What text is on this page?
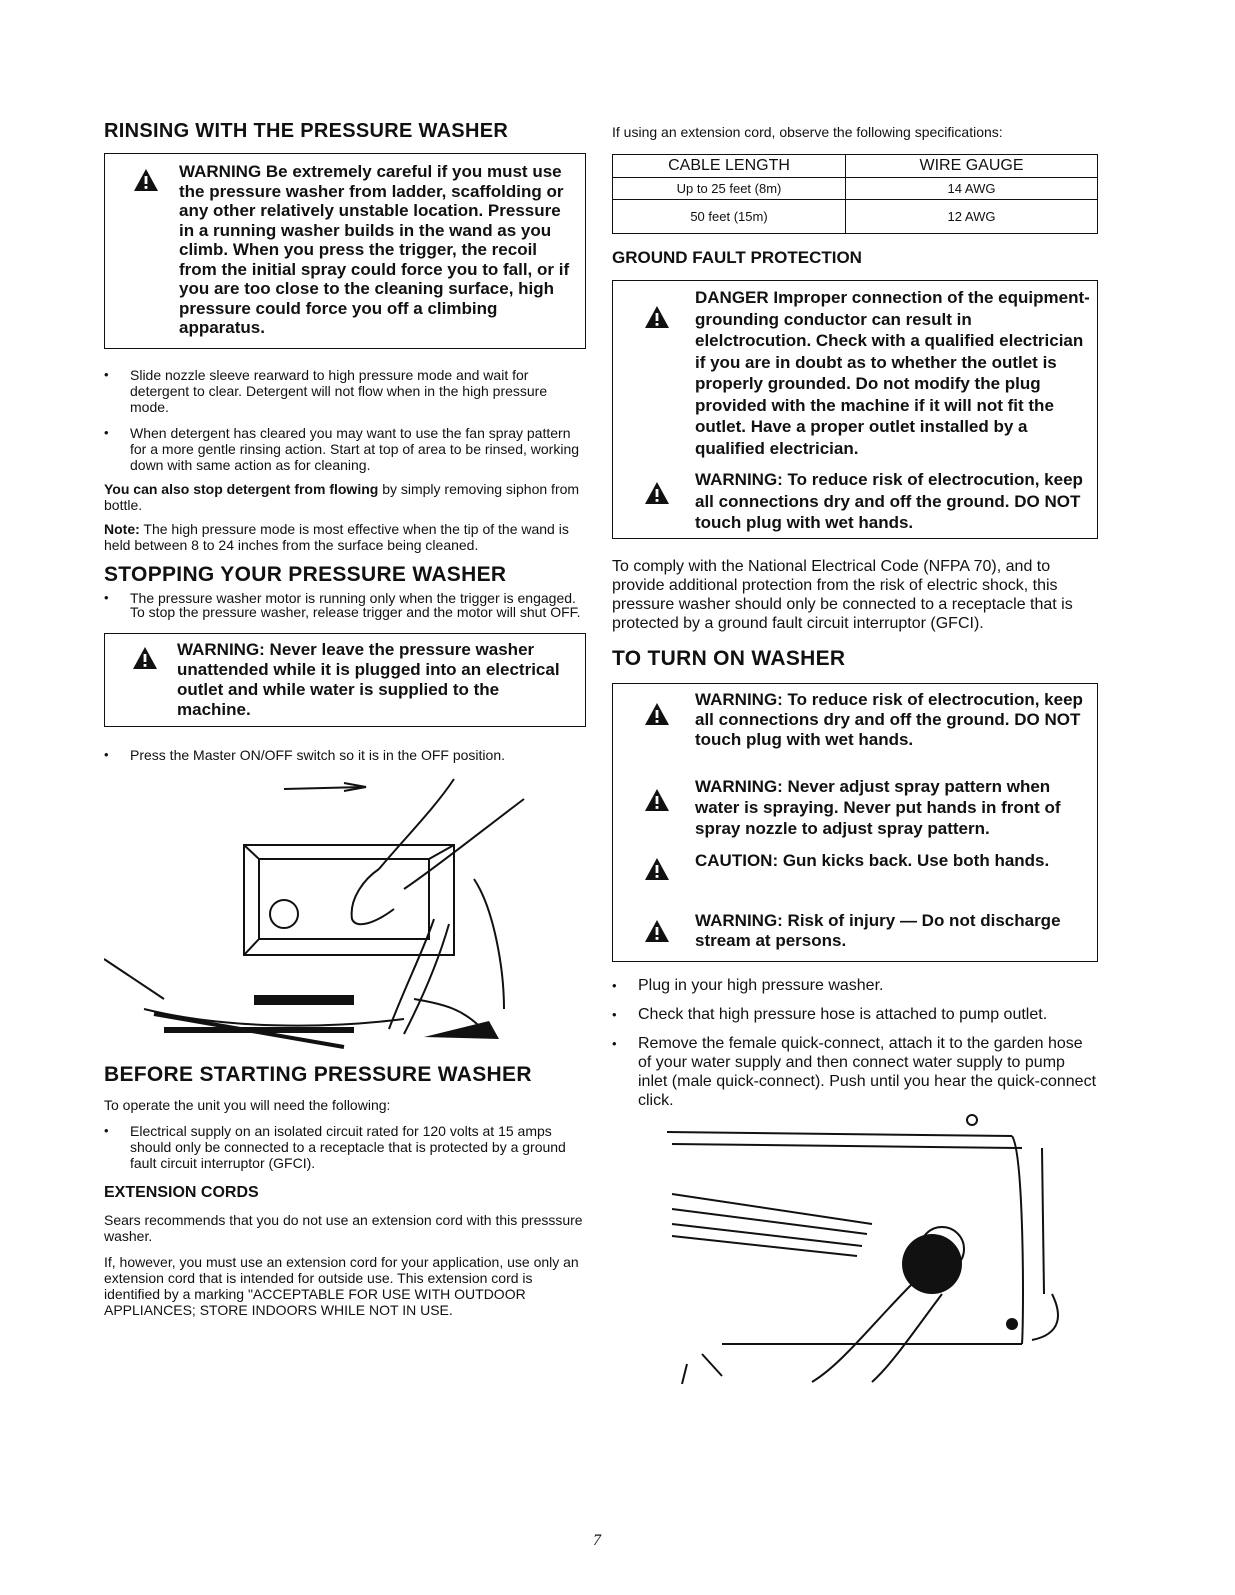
RINSING WITH THE PRESSURE WASHER
WARNING Be extremely careful if you must use the pressure washer from ladder, scaffolding or any other relatively unstable location. Pressure in a running washer builds in the wand as you climb. When you press the trigger, the recoil from the initial spray could force you to fall, or if you are too close to the cleaning surface, high pressure could force you off a climbing apparatus.

• Slide nozzle sleeve rearward to high pressure mode and wait for detergent to clear. Detergent will not flow when in the high pressure mode.

• When detergent has cleared you may want to use the fan spray pattern for a more gentle rinsing action. Start at top of area to be rinsed, working down with same action as for cleaning.

You can also stop detergent from flowing by simply removing siphon from bottle.

Note: The high pressure mode is most effective when the tip of the wand is held between 8 to 24 inches from the surface being cleaned.

STOPPING YOUR PRESSURE WASHER

• The pressure washer motor is running only when the trigger is engaged. To stop the pressure washer, release trigger and the motor will shut OFF.

WARNING: Never leave the pressure washer unattended while it is plugged into an electrical outlet and while water is supplied to the machine.

• Press the Master ON/OFF switch so it is in the OFF position.

BEFORE STARTING PRESSURE WASHER

To operate the unit you will need the following:

• Electrical supply on an isolated circuit rated for 120 volts at 15 amps should only be connected to a receptacle that is protected by a ground fault circuit interruptor (GFCI).

EXTENSION CORDS

Sears recommends that you do not use an extension cord with this presssure washer.

If, however, you must use an extension cord for your application, use only an extension cord that is intended for outside use. This extension cord is identified by a marking "ACCEPTABLE FOR USE WITH OUTDOOR APPLIANCES; STORE INDOORS WHILE NOT IN USE.

If using an extension cord, observe the following specifications:

CABLE LENGTH	WIRE GAUGE
Up to 25 feet (8m)	14 AWG
50 feet (15m)	12 AWG
GROUND FAULT PROTECTION
DANGER Improper connection of the equipment-grounding conductor can result in elelctrocution. Check with a qualified electrician if you are in doubt as to whether the outlet is properly grounded. Do not modify the plug provided with the machine if it will not fit the outlet. Have a proper outlet installed by a qualified electrician.
WARNING: To reduce risk of electrocution, keep all connections dry and off the ground. DO NOT touch plug with wet hands.

To comply with the National Electrical Code (NFPA 70), and to provide additional protection from the risk of electric shock, this pressure washer should only be connected to a receptacle that is protected by a ground fault circuit interruptor (GFCI).

TO TURN ON WASHER
WARNING: To reduce risk of electrocution, keep all connections dry and off the ground. DO NOT touch plug with wet hands.
WARNING: Never adjust spray pattern when water is spraying. Never put hands in front of spray nozzle to adjust spray pattern.
CAUTION: Gun kicks back. Use both hands.
WARNING: Risk of injury — Do not discharge stream at persons.

• Plug in your high pressure washer.

• Check that high pressure hose is attached to pump outlet.

• Remove the female quick-connect, attach it to the garden hose of your water supply and then connect water supply to pump inlet (male quick-connect). Push until you hear the quick-connect click.

7
